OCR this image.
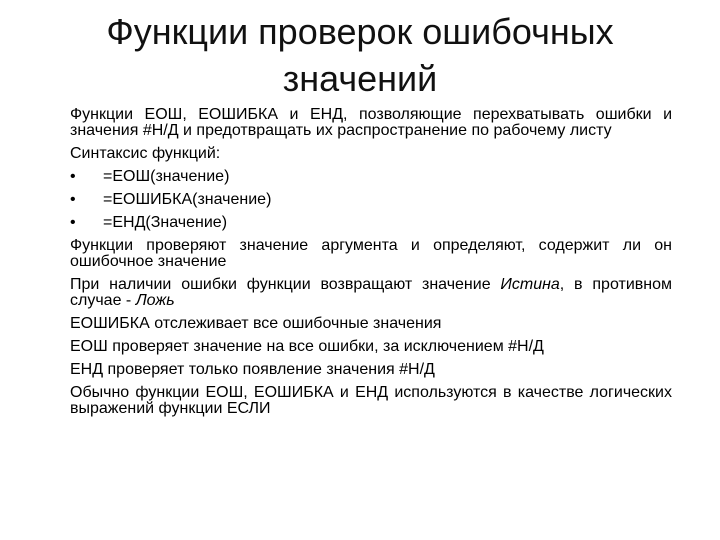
Функции проверок ошибочных
значений

Функции ЕОШ, ЕОШИБКА и ЕНД, позволяющие перехватывать ошибки и значения #Н/Д и предотвращать их распространение по рабочему листу

Синтаксис функций:

•	=ЕОШ(значение)
•	=ЕОШИБКА(значение)
•	=ЕНД(Значение)

Функции проверяют значение аргумента и определяют, содержит ли он ошибочное значение

При наличии ошибки функции возвращают значение Истина, в противном случае - Ложь

ЕОШИБКА отслеживает все ошибочные значения

ЕОШ проверяет значение на все ошибки, за исключением #Н/Д

ЕНД проверяет только появление значения #Н/Д

Обычно функции ЕОШ, ЕОШИБКА и ЕНД используются в качестве логических выражений функции ЕСЛИ
